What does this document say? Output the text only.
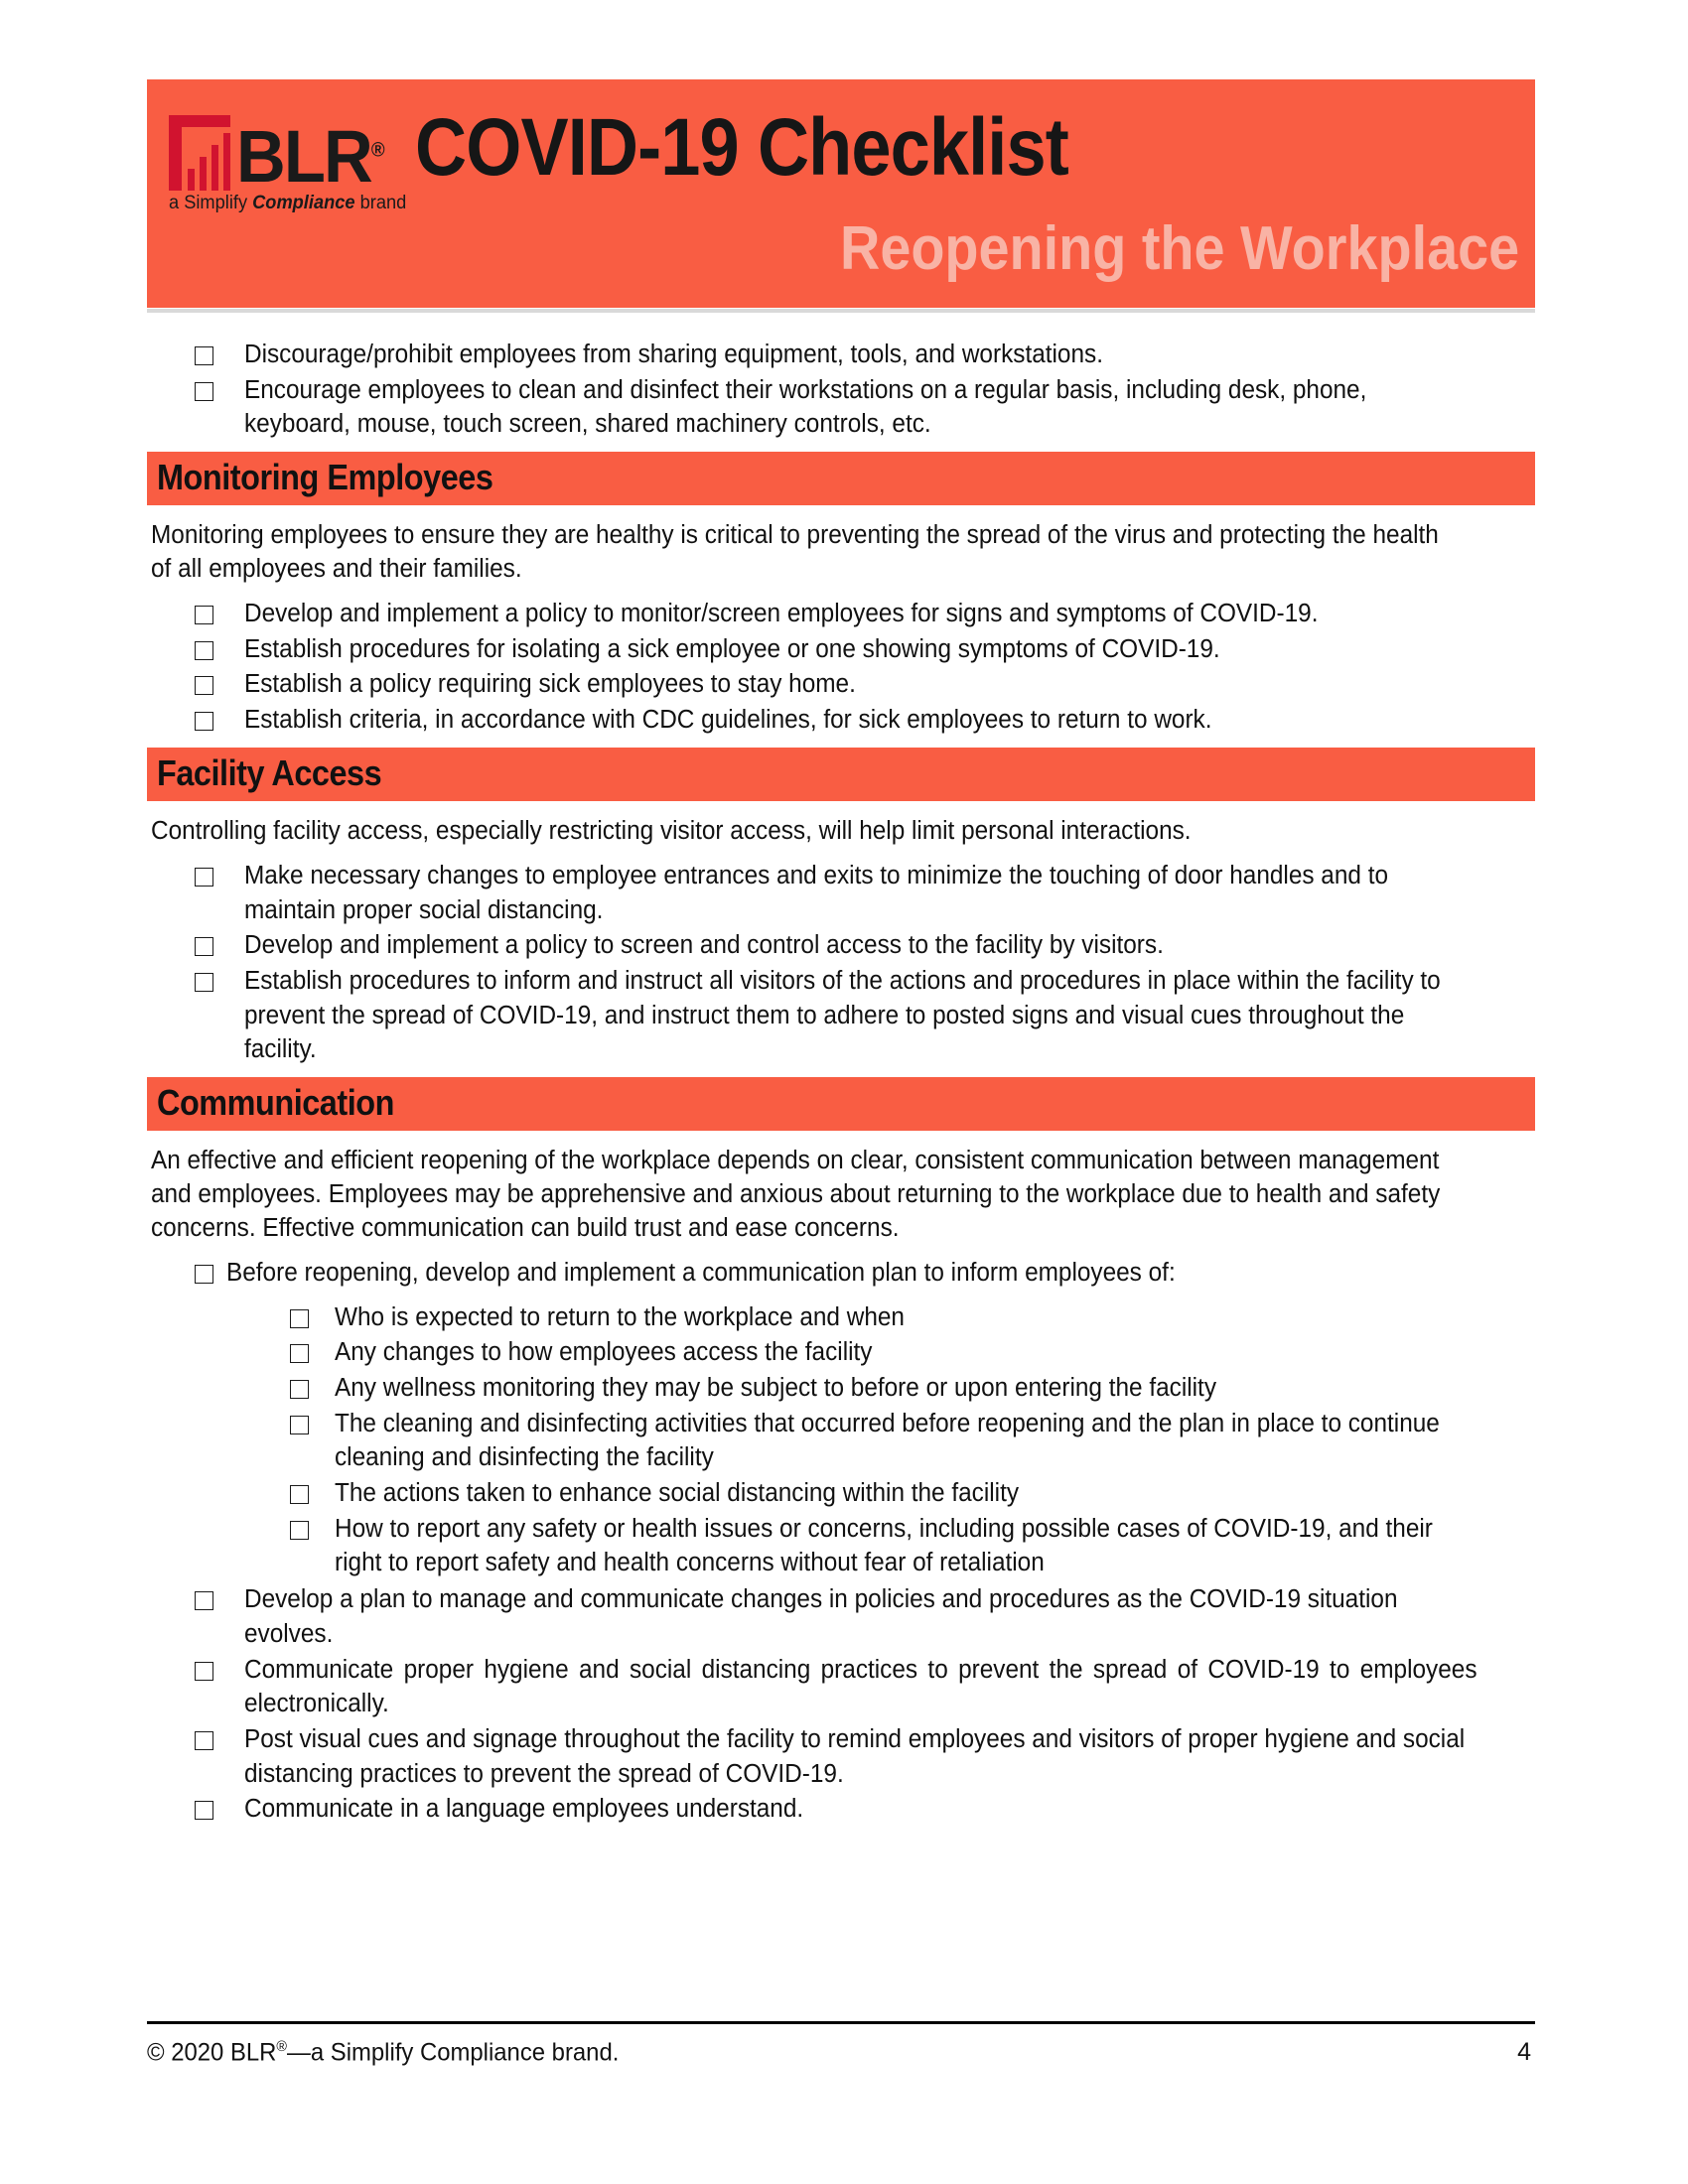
BLR®
a Simplify Compliance brand
COVID-19 Checklist
Reopening the Workplace
Discourage/prohibit employees from sharing equipment, tools, and workstations.
Encourage employees to clean and disinfect their workstations on a regular basis, including desk, phone, keyboard, mouse, touch screen, shared machinery controls, etc.
Monitoring Employees

Monitoring employees to ensure they are healthy is critical to preventing the spread of the virus and protecting the health of all employees and their families.

Develop and implement a policy to monitor/screen employees for signs and symptoms of COVID-19.
Establish procedures for isolating a sick employee or one showing symptoms of COVID-19.
Establish a policy requiring sick employees to stay home.
Establish criteria, in accordance with CDC guidelines, for sick employees to return to work.
Facility Access

Controlling facility access, especially restricting visitor access, will help limit personal interactions.

Make necessary changes to employee entrances and exits to minimize the touching of door handles and to maintain proper social distancing.
Develop and implement a policy to screen and control access to the facility by visitors.
Establish procedures to inform and instruct all visitors of the actions and procedures in place within the facility to prevent the spread of COVID-19, and instruct them to adhere to posted signs and visual cues throughout the facility.
Communication

An effective and efficient reopening of the workplace depends on clear, consistent communication between management and employees. Employees may be apprehensive and anxious about returning to the workplace due to health and safety concerns. Effective communication can build trust and ease concerns.

Before reopening, develop and implement a communication plan to inform employees of:
Who is expected to return to the workplace and when
Any changes to how employees access the facility
Any wellness monitoring they may be subject to before or upon entering the facility
The cleaning and disinfecting activities that occurred before reopening and the plan in place to continue cleaning and disinfecting the facility
The actions taken to enhance social distancing within the facility
How to report any safety or health issues or concerns, including possible cases of COVID-19, and their right to report safety and health concerns without fear of retaliation
Develop a plan to manage and communicate changes in policies and procedures as the COVID-19 situation evolves.
Communicate proper hygiene and social distancing practices to prevent the spread of COVID-19 to employees electronically.
Post visual cues and signage throughout the facility to remind employees and visitors of proper hygiene and social distancing practices to prevent the spread of COVID-19.
Communicate in a language employees understand.
© 2020 BLR®—a Simplify Compliance brand.	4
